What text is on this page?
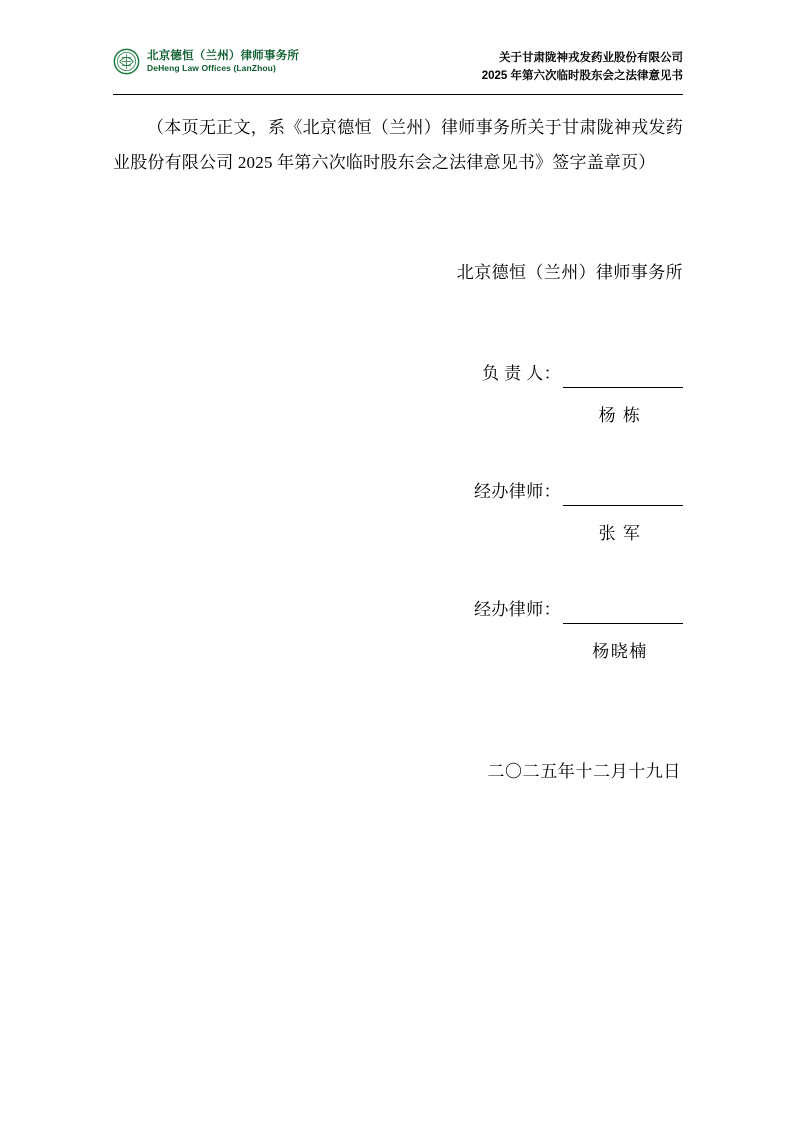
北京德恒（兰州）律师事务所
DeHeng Law Offices (LanZhou)
关于甘肃陇神戎发药业股份有限公司
2025 年第六次临时股东会之法律意见书
（本页无正文，系《北京德恒（兰州）律师事务所关于甘肃陇神戎发药业股份有限公司 2025 年第六次临时股东会之法律意见书》签字盖章页）
北京德恒（兰州）律师事务所
负 责 人：
杨 栋
经办律师：
张 军
经办律师：
杨晓楠
二〇二五年十二月十九日
